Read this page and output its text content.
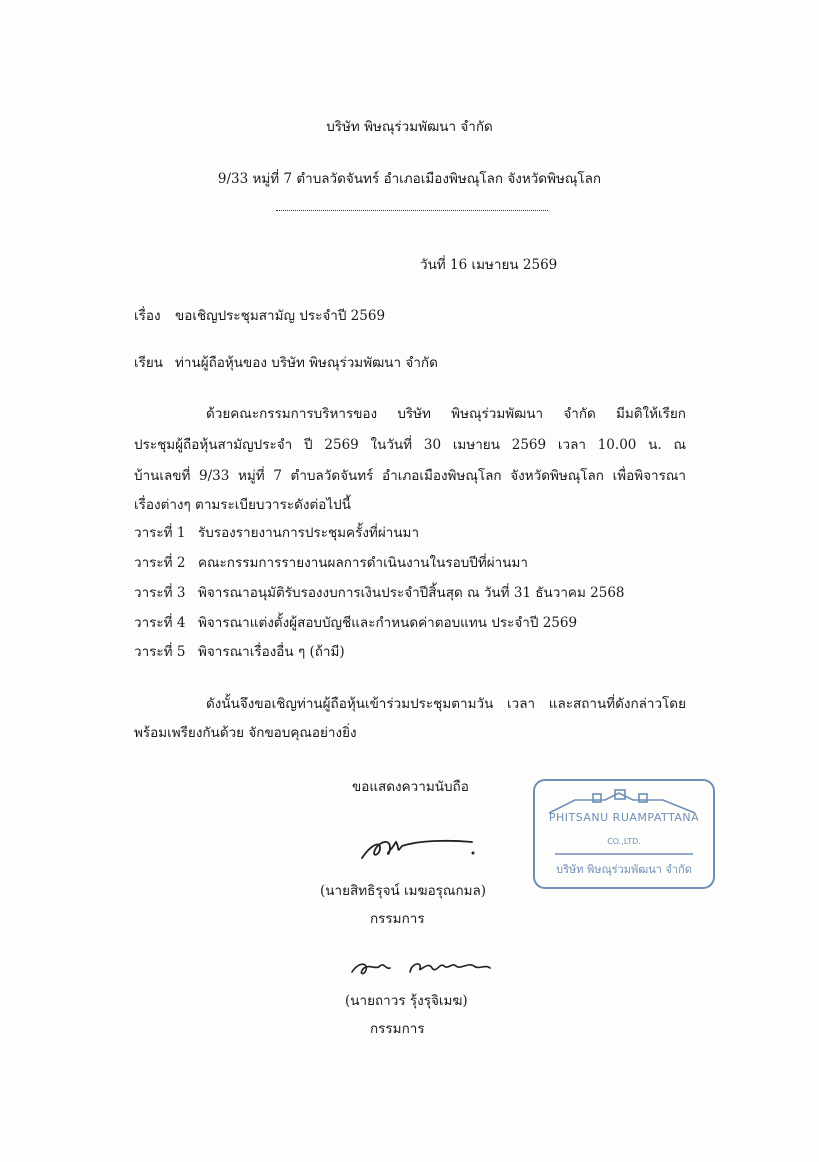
บริษัท พิษณุร่วมพัฒนา จำกัด
9/33 หมู่ที่ 7 ตำบลวัดจันทร์ อำเภอเมืองพิษณุโลก จังหวัดพิษณุโลก
วันที่ 16 เมษายน 2569
เรื่อง ขอเชิญประชุมสามัญ ประจำปี 2569
เรียน ท่านผู้ถือหุ้นของ บริษัท พิษณุร่วมพัฒนา จำกัด
ด้วยคณะกรรมการบริหารของ บริษัท พิษณุร่วมพัฒนา จำกัด มีมติให้เรียก
ประชุมผู้ถือหุ้นสามัญประจำ ปี 2569 ในวันที่ 30 เมษายน 2569 เวลา 10.00 น. ณ
บ้านเลขที่ 9/33 หมู่ที่ 7 ตำบลวัดจันทร์ อำเภอเมืองพิษณุโลก จังหวัดพิษณุโลก เพื่อพิจารณา
เรื่องต่างๆ ตามระเบียบวาระดังต่อไปนี้
วาระที่ 1 รับรองรายงานการประชุมครั้งที่ผ่านมา
วาระที่ 2 คณะกรรมการรายงานผลการดำเนินงานในรอบปีที่ผ่านมา
วาระที่ 3 พิจารณาอนุมัติรับรองงบการเงินประจำปีสิ้นสุด ณ วันที่ 31 ธันวาคม 2568
วาระที่ 4 พิจารณาแต่งตั้งผู้สอบบัญชีและกำหนดค่าตอบแทน ประจำปี 2569
วาระที่ 5 พิจารณาเรื่องอื่น ๆ (ถ้ามี)
ดังนั้นจึงขอเชิญท่านผู้ถือหุ้นเข้าร่วมประชุมตามวัน เวลา และสถานที่ดังกล่าวโดย
พร้อมเพรียงกันด้วย จักขอบคุณอย่างยิ่ง
ขอแสดงความนับถือ
PHITSANU RUAMPATTANA
CO.,LTD.
บริษัท พิษณุร่วมพัฒนา จำกัด
(นายสิทธิรุจน์ เมฆอรุณกมล)
กรรมการ
(นายถาวร รุ้งรุจิเมฆ)
กรรมการ
